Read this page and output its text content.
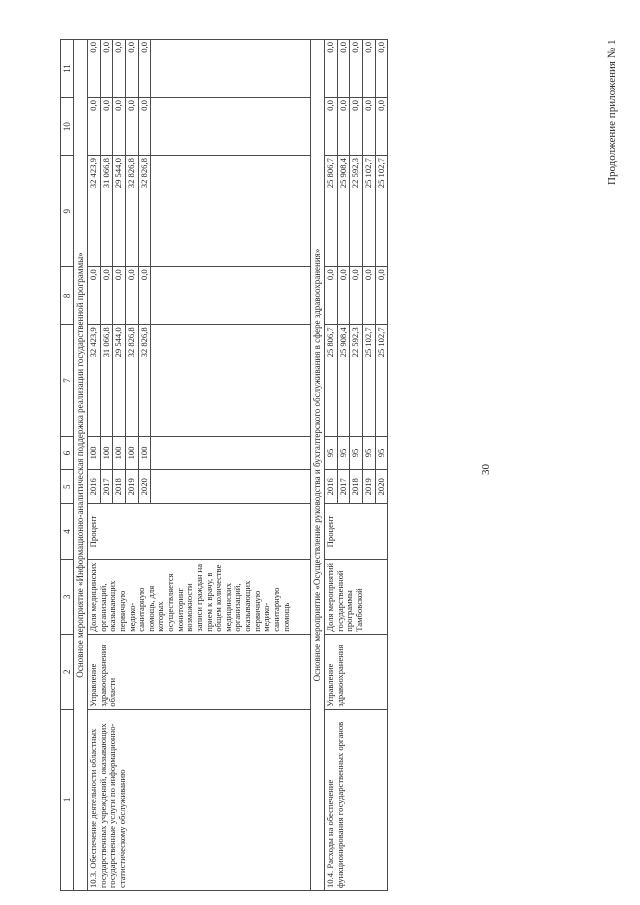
30
Продолжение приложения № 1
1	2	3	4	5	6	7	8	9	10	11
Основное мероприятие «Информационно-аналитическая поддержка реализации государственной программы»										
10.3. Обеспечение деятельности областных государственных учреждений, оказывающих государственные услуги по информационно-статистическому обслуживанию	Управление здравоохранения области	Доля медицинских организаций, оказывающих первичную медико-санитарную помощь, для которых осуществляется мониторинг возможности записи граждан на прием к врачу, в общем количестве медицинских организаций, оказывающих первичную медико-санитарную помощь	Процент	2016	100	32 423,9	0,0	32 423,9	0,0	0,0
				2017	100	31 066,8	0,0	31 066,8	0,0	0,0
				2018	100	29 544,0	0,0	29 544,0	0,0	0,0
				2019	100	32 826,8	0,0	32 826,8	0,0	0,0
				2020	100	32 826,8	0,0	32 826,8	0,0	0,0

Основное мероприятие «Осуществление руководства и бухгалтерского обслуживания в сфере здравоохранения»										
10.4. Расходы на обеспечение функционирования государственных органов	Управление здравоохранения	Доля мероприятий государственной программы Тамбовской	Процент	2016	95	25 806,7	0,0	25 806,7	0,0	0,0
				2017	95	25 908,4	0,0	25 908,4	0,0	0,0
				2018	95	22 592,3	0,0	22 592,3	0,0	0,0
				2019	95	25 102,7	0,0	25 102,7	0,0	0,0
				2020	95	25 102,7	0,0	25 102,7	0,0	0,0
